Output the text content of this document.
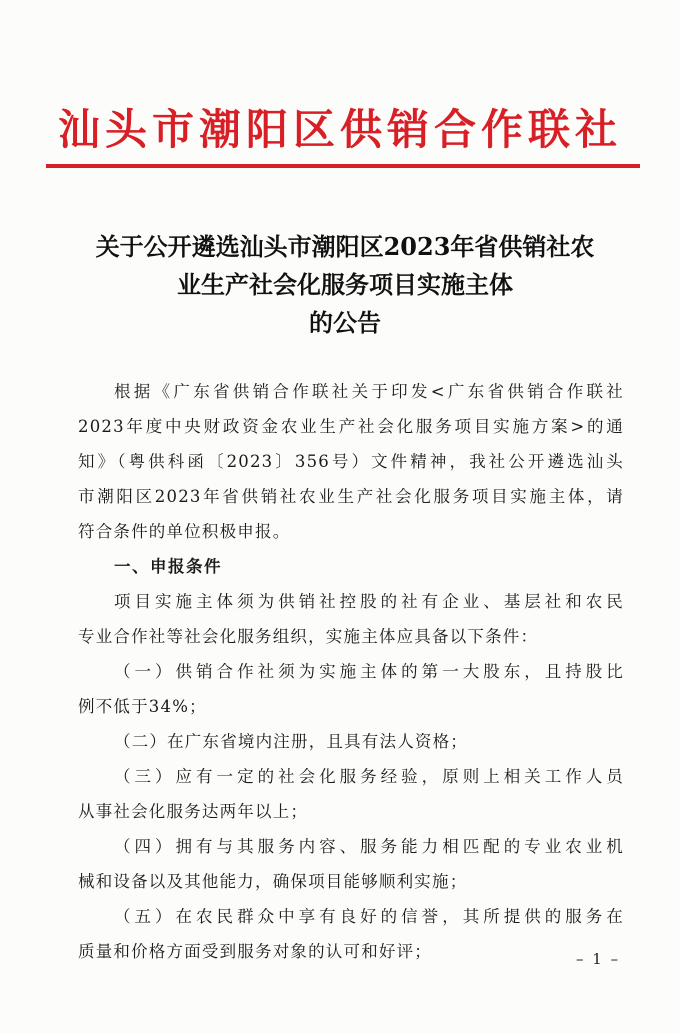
汕头市潮阳区供销合作联社
关于公开遴选汕头市潮阳区2023年省供销社农
业生产社会化服务项目实施主体
的公告
根据《广东省供销合作联社关于印发<广东省供销合作联社
2023年度中央财政资金农业生产社会化服务项目实施方案>的通
知》（粤供科函〔2023〕356号）文件精神，我社公开遴选汕头
市潮阳区2023年省供销社农业生产社会化服务项目实施主体，请
符合条件的单位积极申报。
一、申报条件
项目实施主体须为供销社控股的社有企业、基层社和农民
专业合作社等社会化服务组织，实施主体应具备以下条件：
（一）供销合作社须为实施主体的第一大股东，且持股比
例不低于34%；
（二）在广东省境内注册，且具有法人资格；
（三）应有一定的社会化服务经验，原则上相关工作人员
从事社会化服务达两年以上；
（四）拥有与其服务内容、服务能力相匹配的专业农业机
械和设备以及其他能力，确保项目能够顺利实施；
（五）在农民群众中享有良好的信誉，其所提供的服务在
质量和价格方面受到服务对象的认可和好评；	– 1 –
